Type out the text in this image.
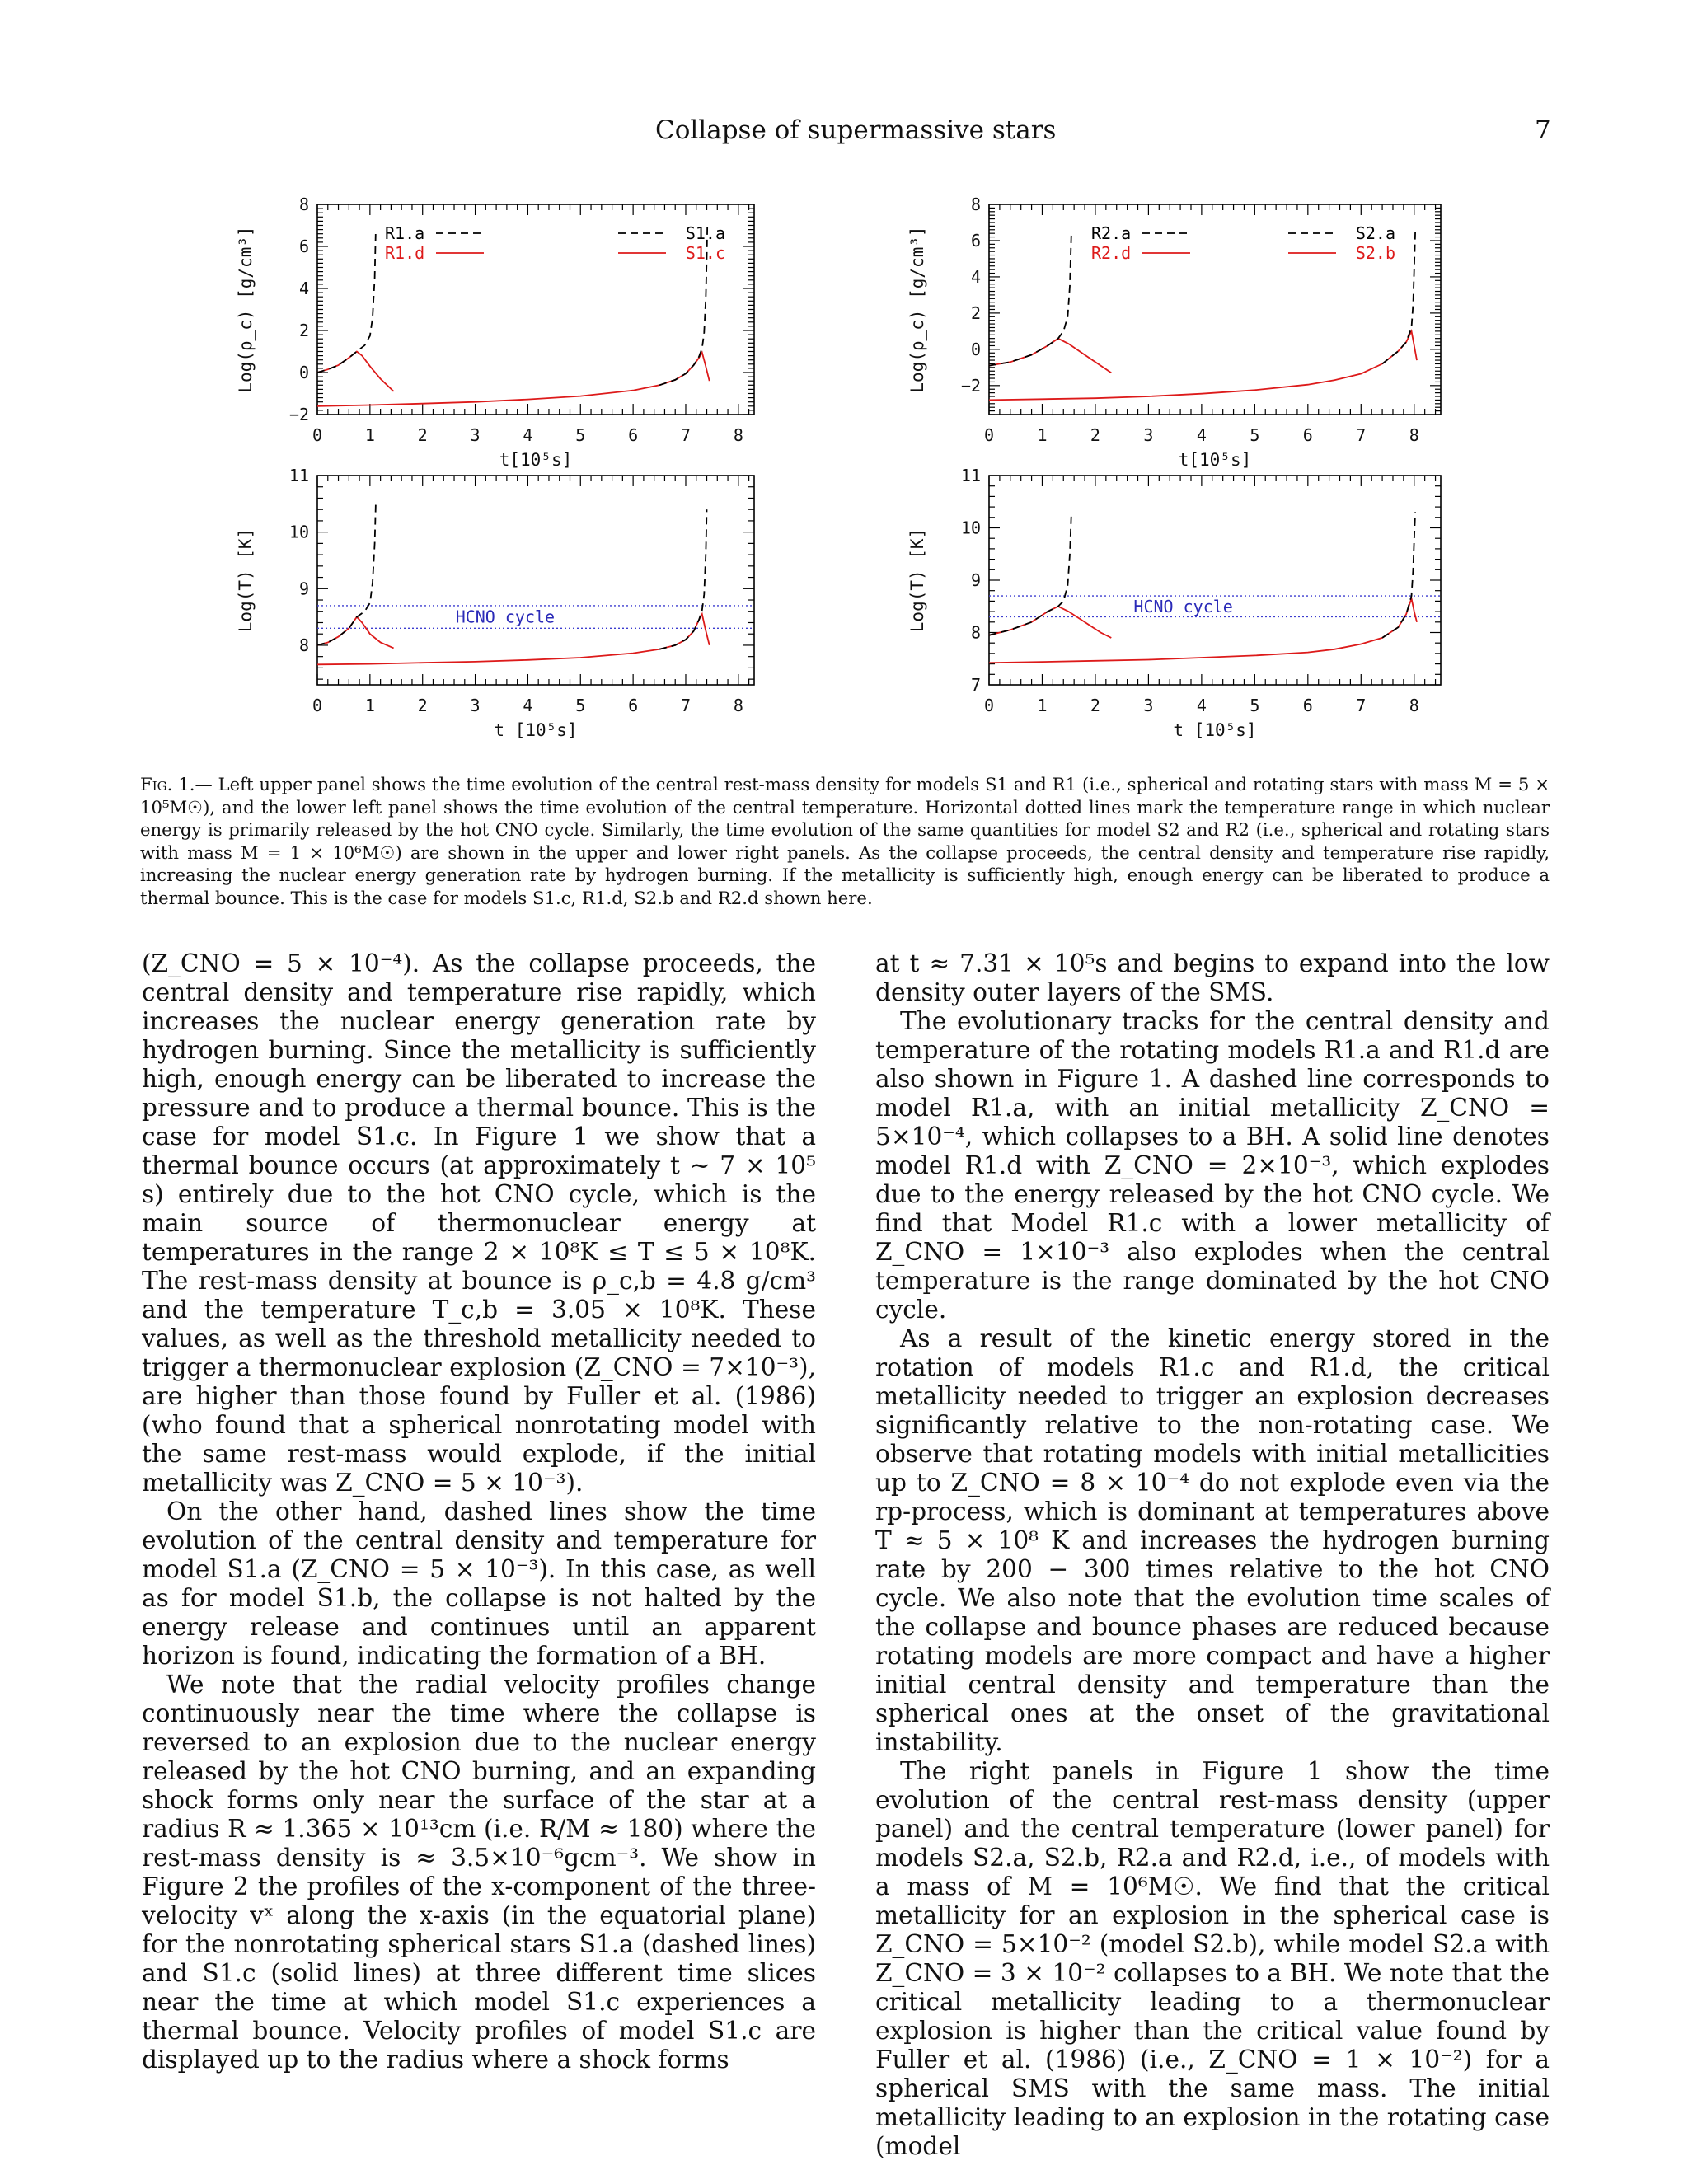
Collapse of supermassive stars	7
0	1	2	3	4	5	6	7	8
−2
0
2
4
6
8
t[10⁵s]
Log(ρ_c) [g/cm³]	R1.a
R1.d
S1.a
S1.c
0	1	2	3	4	5	6	7	8
8
9
10
11
t [10⁵s]
Log(T) [K]	HCNO cycle
0	1	2	3	4	5	6	7	8
−2
0
2
4
6
8
t[10⁵s]
Log(ρ_c) [g/cm³]	R2.a
R2.d
S2.a
S2.b
0	1	2	3	4	5	6	7	8
7
8
9
10
11
t [10⁵s]
Log(T) [K]	HCNO cycle
Fig. 1.— Left upper panel shows the time evolution of the central rest-mass density for models S1 and R1 (i.e., spherical and rotating stars with mass M = 5 × 10⁵M☉), and the lower left panel shows the time evolution of the central temperature. Horizontal dotted lines mark the temperature range in which nuclear energy is primarily released by the hot CNO cycle. Similarly, the time evolution of the same quantities for model S2 and R2 (i.e., spherical and rotating stars with mass M = 1 × 10⁶M☉) are shown in the upper and lower right panels. As the collapse proceeds, the central density and temperature rise rapidly, increasing the nuclear energy generation rate by hydrogen burning. If the metallicity is sufficiently high, enough energy can be liberated to produce a thermal bounce. This is the case for models S1.c, R1.d, S2.b and R2.d shown here.

(Z_CNO = 5 × 10⁻⁴). As the collapse proceeds, the central density and temperature rise rapidly, which increases the nuclear energy generation rate by hydrogen burning. Since the metallicity is sufficiently high, enough energy can be liberated to increase the pressure and to produce a thermal bounce. This is the case for model S1.c. In Figure 1 we show that a thermal bounce occurs (at approximately t ∼ 7 × 10⁵ s) entirely due to the hot CNO cycle, which is the main source of thermonuclear energy at temperatures in the range 2 × 10⁸K ≤ T ≤ 5 × 10⁸K. The rest-mass density at bounce is ρ_c,b = 4.8 g/cm³ and the temperature T_c,b = 3.05 × 10⁸K. These values, as well as the threshold metallicity needed to trigger a thermonuclear explosion (Z_CNO = 7×10⁻³), are higher than those found by Fuller et al. (1986) (who found that a spherical nonrotating model with the same rest-mass would explode, if the initial metallicity was Z_CNO = 5 × 10⁻³).

On the other hand, dashed lines show the time evolution of the central density and temperature for model S1.a (Z_CNO = 5 × 10⁻³). In this case, as well as for model S1.b, the collapse is not halted by the energy release and continues until an apparent horizon is found, indicating the formation of a BH.

We note that the radial velocity profiles change continuously near the time where the collapse is reversed to an explosion due to the nuclear energy released by the hot CNO burning, and an expanding shock forms only near the surface of the star at a radius R ≈ 1.365 × 10¹³cm (i.e. R/M ≈ 180) where the rest-mass density is ≈ 3.5×10⁻⁶gcm⁻³. We show in Figure 2 the profiles of the x-component of the three-velocity vˣ along the x-axis (in the equatorial plane) for the nonrotating spherical stars S1.a (dashed lines) and S1.c (solid lines) at three different time slices near the time at which model S1.c experiences a thermal bounce. Velocity profiles of model S1.c are displayed up to the radius where a shock forms

at t ≈ 7.31 × 10⁵s and begins to expand into the low density outer layers of the SMS.

The evolutionary tracks for the central density and temperature of the rotating models R1.a and R1.d are also shown in Figure 1. A dashed line corresponds to model R1.a, with an initial metallicity Z_CNO = 5×10⁻⁴, which collapses to a BH. A solid line denotes model R1.d with Z_CNO = 2×10⁻³, which explodes due to the energy released by the hot CNO cycle. We find that Model R1.c with a lower metallicity of Z_CNO = 1×10⁻³ also explodes when the central temperature is the range dominated by the hot CNO cycle.

As a result of the kinetic energy stored in the rotation of models R1.c and R1.d, the critical metallicity needed to trigger an explosion decreases significantly relative to the non-rotating case. We observe that rotating models with initial metallicities up to Z_CNO = 8 × 10⁻⁴ do not explode even via the rp-process, which is dominant at temperatures above T ≈ 5 × 10⁸ K and increases the hydrogen burning rate by 200 − 300 times relative to the hot CNO cycle. We also note that the evolution time scales of the collapse and bounce phases are reduced because rotating models are more compact and have a higher initial central density and temperature than the spherical ones at the onset of the gravitational instability.

The right panels in Figure 1 show the time evolution of the central rest-mass density (upper panel) and the central temperature (lower panel) for models S2.a, S2.b, R2.a and R2.d, i.e., of models with a mass of M = 10⁶M☉. We find that the critical metallicity for an explosion in the spherical case is Z_CNO = 5×10⁻² (model S2.b), while model S2.a with Z_CNO = 3 × 10⁻² collapses to a BH. We note that the critical metallicity leading to a thermonuclear explosion is higher than the critical value found by Fuller et al. (1986) (i.e., Z_CNO = 1 × 10⁻²) for a spherical SMS with the same mass. The initial metallicity leading to an explosion in the rotating case (model
